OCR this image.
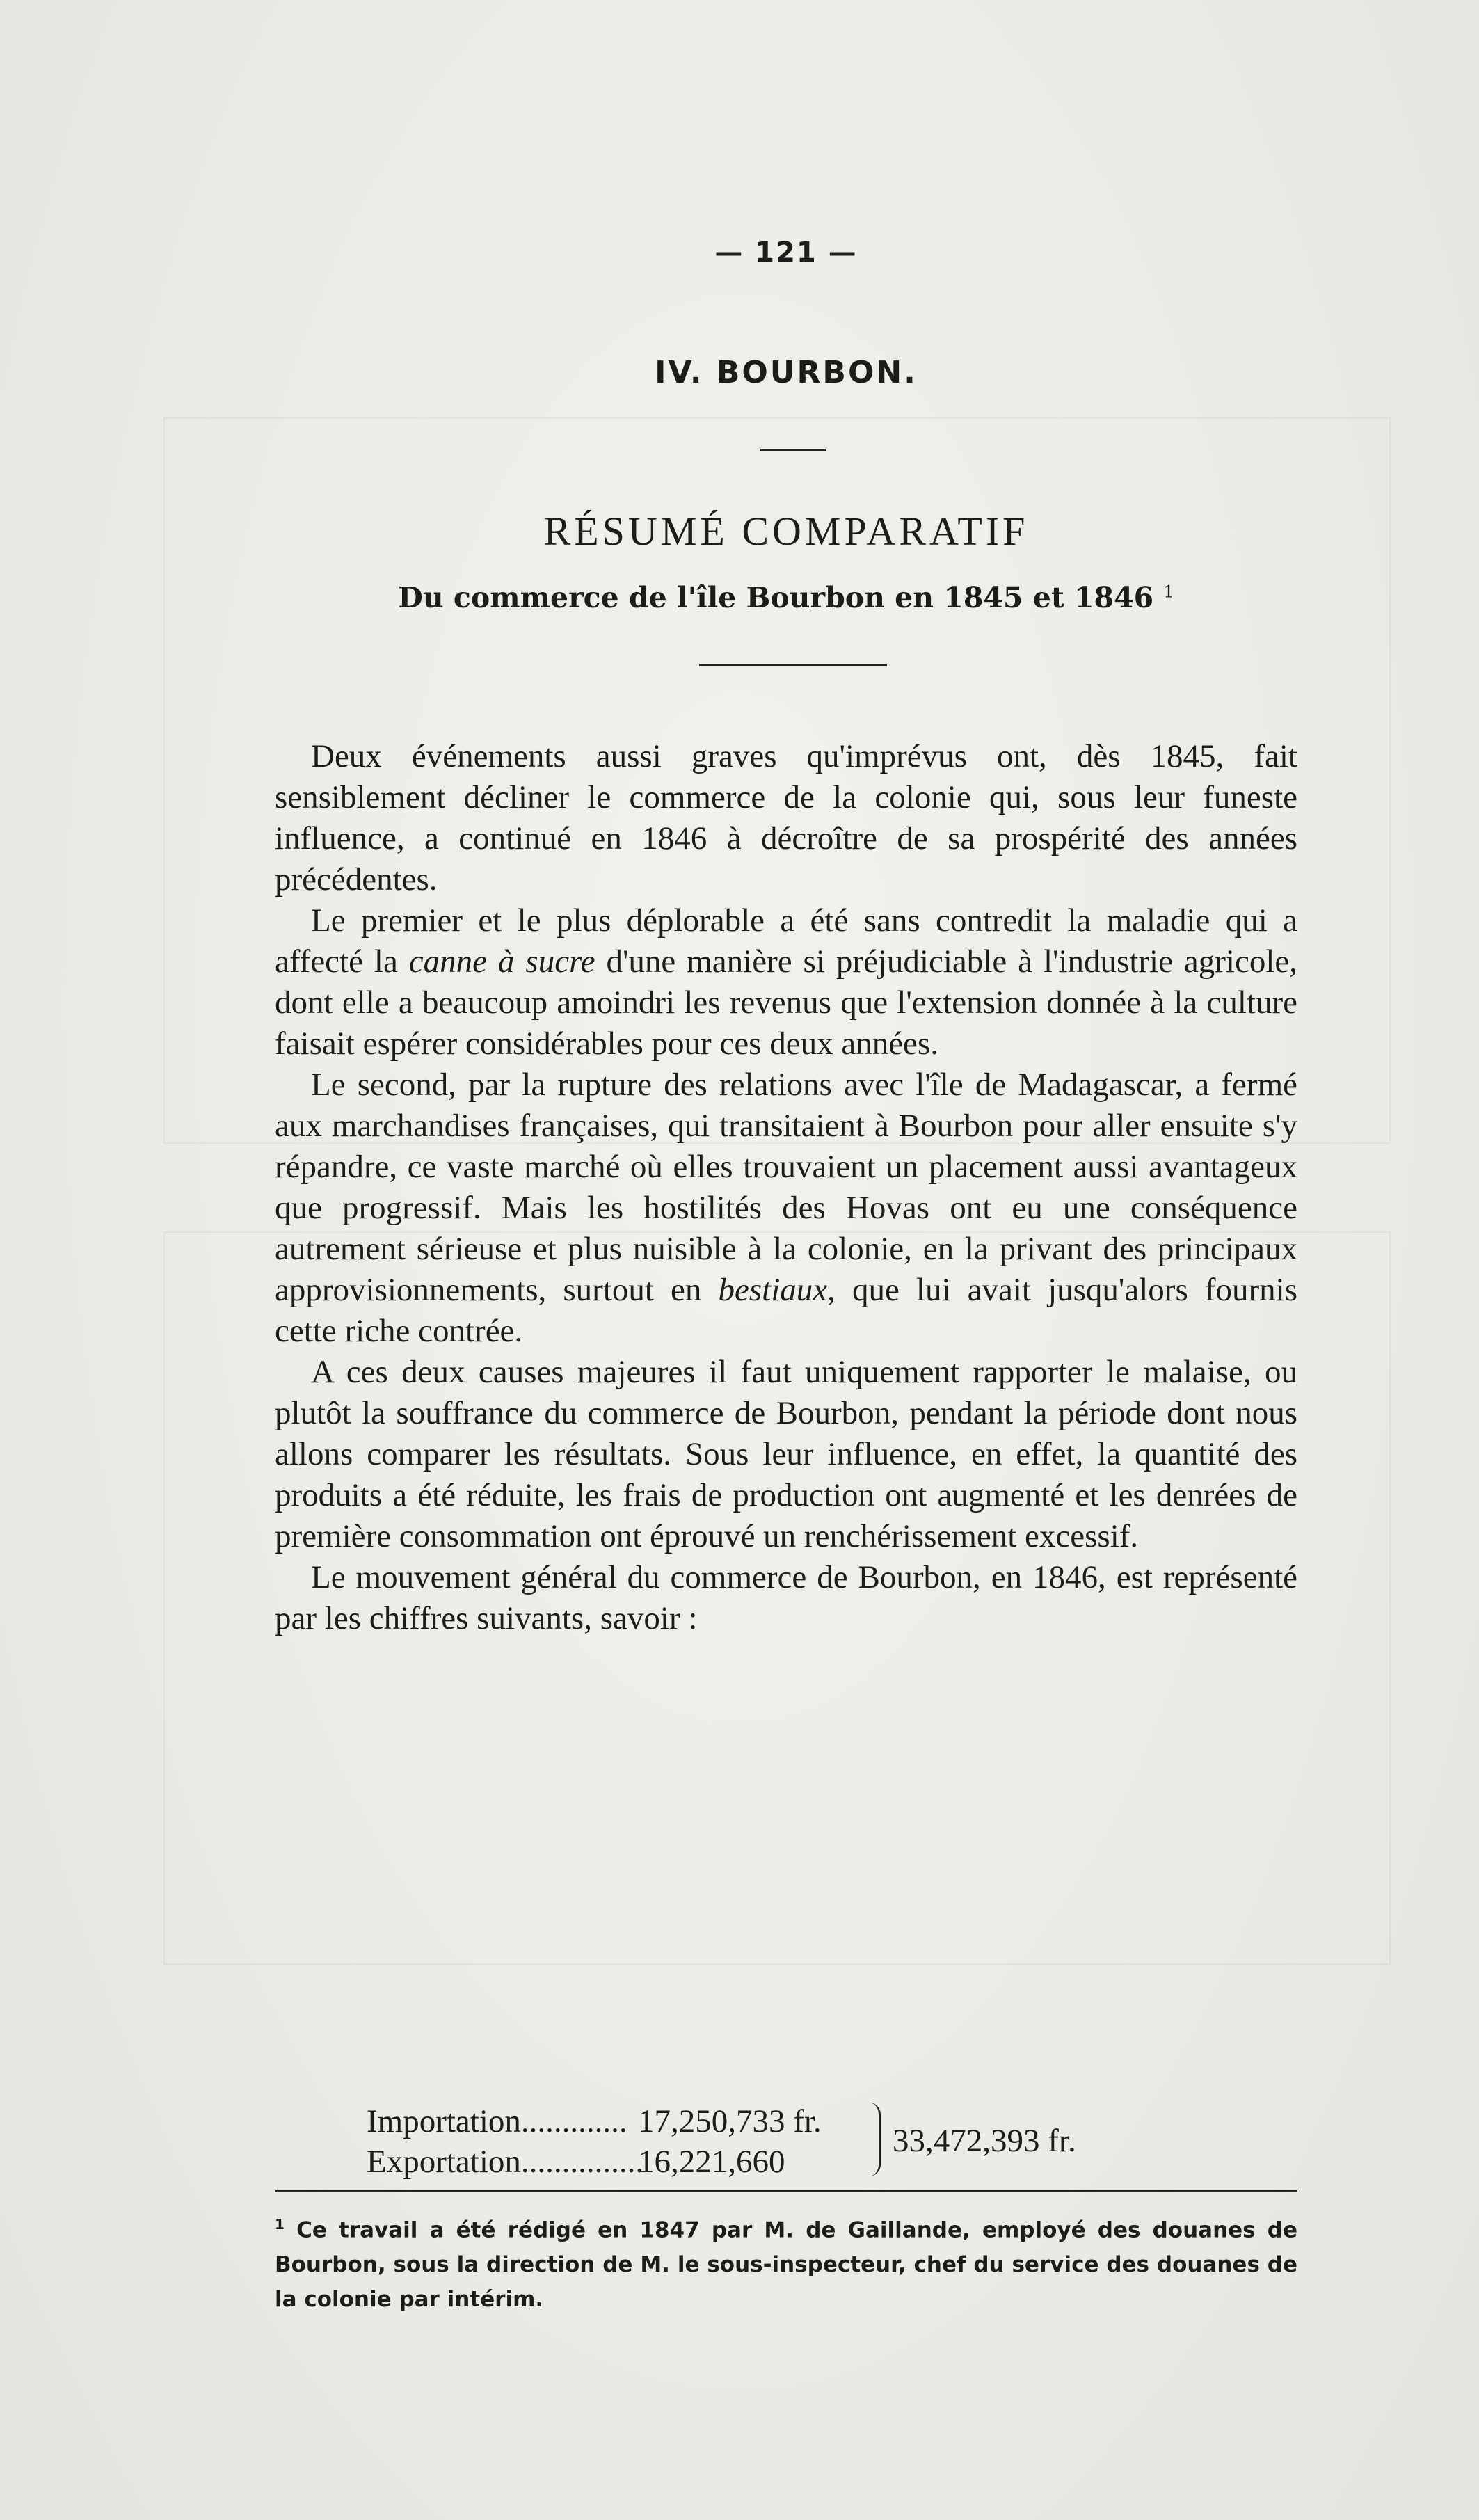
— 121 —
IV. BOURBON.
RÉSUMÉ COMPARATIF
Du commerce de l'île Bourbon en 1845 et 1846 $^1$

Deux événements aussi graves qu'imprévus ont, dès 1845, fait sensiblement décliner le commerce de la colonie qui, sous leur funeste influence, a continué en 1846 à décroître de sa prospérité des années précédentes.

Le premier et le plus déplorable a été sans contredit la maladie qui a affecté la canne à sucre d'une manière si préjudiciable à l'industrie agricole, dont elle a beaucoup amoindri les revenus que l'extension donnée à la culture faisait espérer considérables pour ces deux années.

Le second, par la rupture des relations avec l'île de Madagascar, a fermé aux marchandises françaises, qui transitaient à Bourbon pour aller ensuite s'y répandre, ce vaste marché où elles trouvaient un placement aussi avantageux que progressif. Mais les hostilités des Hovas ont eu une conséquence autrement sérieuse et plus nuisible à la colonie, en la privant des principaux approvisionnements, surtout en bestiaux, que lui avait jusqu'alors fournis cette riche contrée.

A ces deux causes majeures il faut uniquement rapporter le malaise, ou plutôt la souffrance du commerce de Bourbon, pendant la période dont nous allons comparer les résultats. Sous leur influence, en effet, la quantité des produits a été réduite, les frais de production ont augmenté et les denrées de première consommation ont éprouvé un renchérissement excessif.

Le mouvement général du commerce de Bourbon, en 1846, est représenté par les chiffres suivants, savoir :

Importation............. 17,250,733 fr.
Exportation...............16,221,660
33,472,393 fr.
$^1$ Ce travail a été rédigé en 1847 par M. de Gaillande, employé des douanes de Bourbon, sous la direction de M. le sous-inspecteur, chef du service des douanes de la colonie par intérim.
